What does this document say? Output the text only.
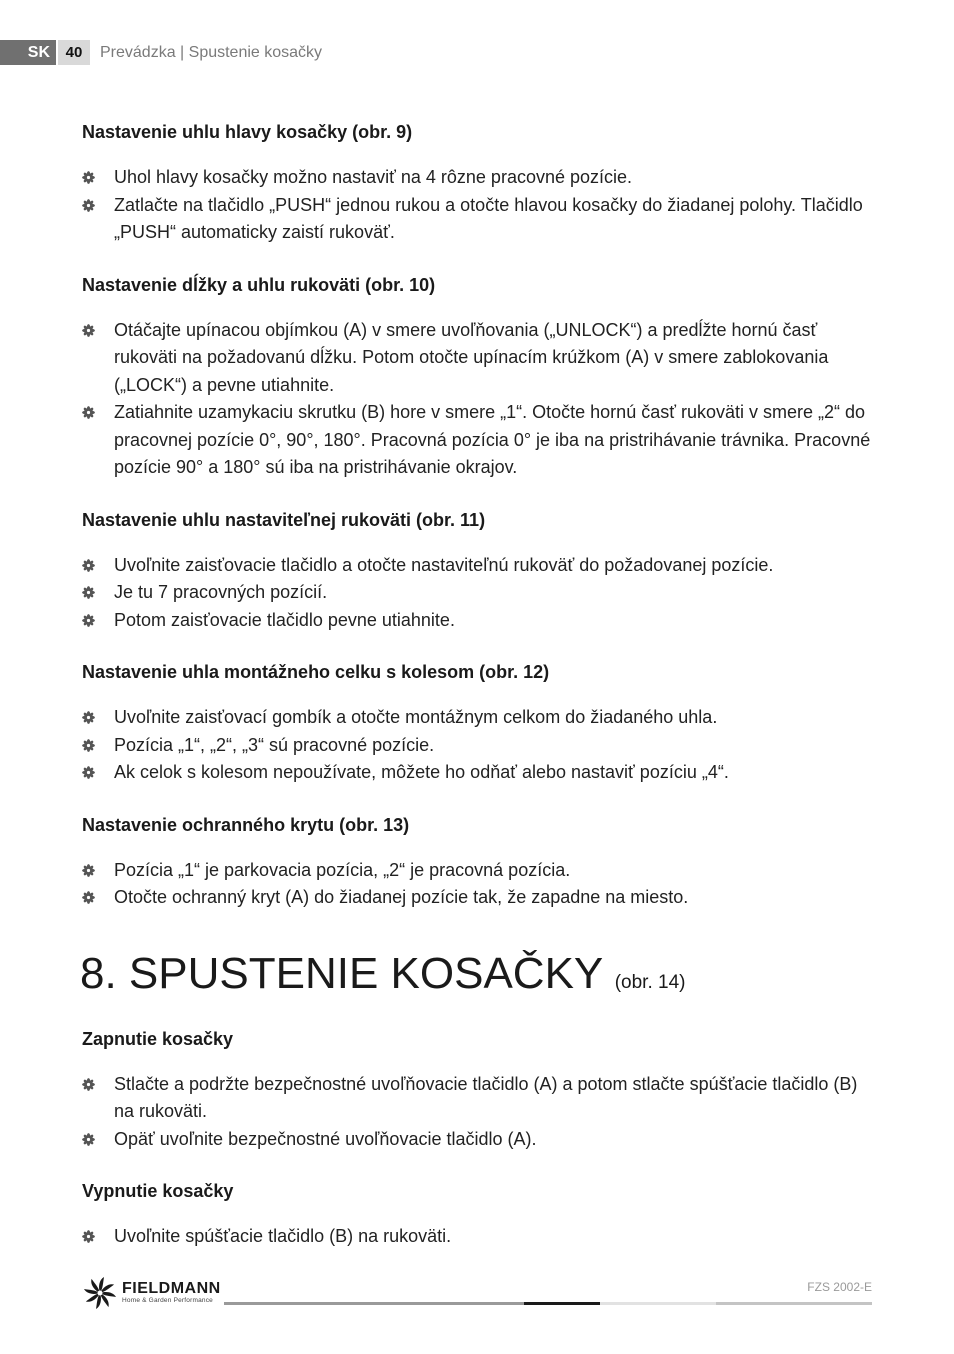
SK	40	Prevádzka | Spustenie kosačky
Nastavenie uhlu hlavy kosačky (obr. 9)
Uhol hlavy kosačky možno nastaviť na 4 rôzne pracovné pozície.
Zatlačte na tlačidlo „PUSH“ jednou rukou a otočte hlavou kosačky do žiadanej polohy. Tlačidlo „PUSH“ automaticky zaistí rukoväť.
Nastavenie dĺžky a uhlu rukoväti (obr. 10)
Otáčajte upínacou objímkou (A) v smere uvoľňovania („UNLOCK“) a predĺžte hornú časť rukoväti na požadovanú dĺžku. Potom otočte upínacím krúžkom (A) v smere zablokovania („LOCK“) a pevne utiahnite.
Zatiahnite uzamykaciu skrutku (B) hore v smere „1“. Otočte hornú časť rukoväti v smere „2“ do pracovnej pozície 0°, 90°, 180°. Pracovná pozícia 0° je iba na pristrihávanie trávnika. Pracovné pozície 90° a 180° sú iba na pristrihávanie okrajov.
Nastavenie uhlu nastaviteľnej rukoväti (obr. 11)
Uvoľnite zaisťovacie tlačidlo a otočte nastaviteľnú rukoväť do požadovanej pozície.
Je tu 7 pracovných pozícií.
Potom zaisťovacie tlačidlo pevne utiahnite.
Nastavenie uhla montážneho celku s kolesom (obr. 12)
Uvoľnite zaisťovací gombík a otočte montážnym celkom do žiadaného uhla.
Pozícia „1“, „2“, „3“ sú pracovné pozície.
Ak celok s kolesom nepoužívate, môžete ho odňať alebo nastaviť pozíciu „4“.
Nastavenie ochranného krytu (obr. 13)
Pozícia „1“ je parkovacia pozícia, „2“ je pracovná pozícia.
Otočte ochranný kryt (A) do žiadanej pozície tak, že zapadne na miesto.
8. SPUSTENIE KOSAČKY (obr. 14)
Zapnutie kosačky
Stlačte a podržte bezpečnostné uvoľňovacie tlačidlo (A) a potom stlačte spúšťacie tlačidlo (B) na rukoväti.
Opäť uvoľnite bezpečnostné uvoľňovacie tlačidlo (A).
Vypnutie kosačky
Uvoľnite spúšťacie tlačidlo (B) na rukoväti.
FIELDMANN
Home & Garden Performance
FZS 2002-E
